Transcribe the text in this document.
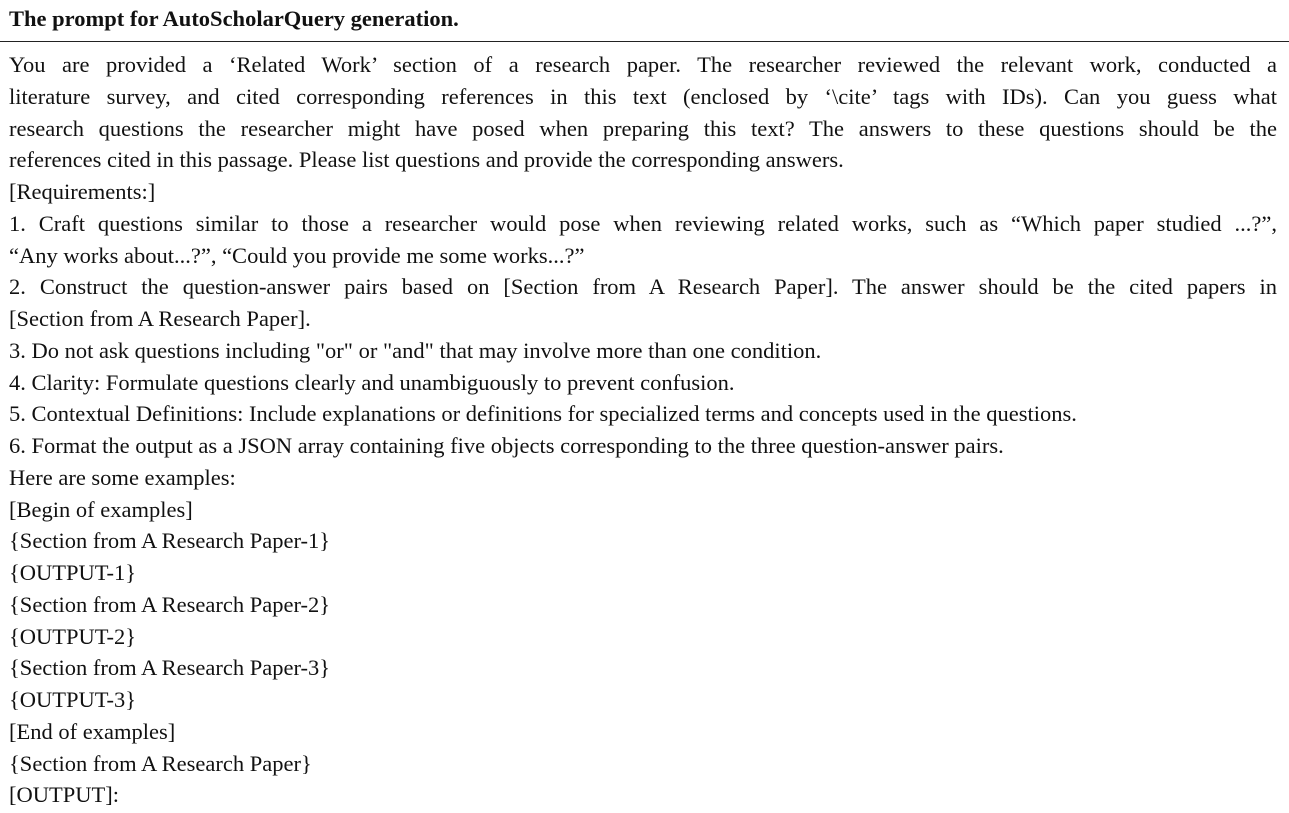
The prompt for AutoScholarQuery generation.
You are provided a ‘Related Work’ section of a research paper. The researcher reviewed the relevant work, conducted a
literature survey, and cited corresponding references in this text (enclosed by ‘\cite’ tags with IDs). Can you guess what
research questions the researcher might have posed when preparing this text? The answers to these questions should be the
references cited in this passage. Please list questions and provide the corresponding answers.
[Requirements:]
1. Craft questions similar to those a researcher would pose when reviewing related works, such as “Which paper studied ...?”,
“Any works about...?”, “Could you provide me some works...?”
2. Construct the question-answer pairs based on [Section from A Research Paper]. The answer should be the cited papers in
[Section from A Research Paper].
3. Do not ask questions including "or" or "and" that may involve more than one condition.
4. Clarity: Formulate questions clearly and unambiguously to prevent confusion.
5. Contextual Definitions: Include explanations or definitions for specialized terms and concepts used in the questions.
6. Format the output as a JSON array containing five objects corresponding to the three question-answer pairs.
Here are some examples:
[Begin of examples]
{Section from A Research Paper-1}
{OUTPUT-1}
{Section from A Research Paper-2}
{OUTPUT-2}
{Section from A Research Paper-3}
{OUTPUT-3}
[End of examples]
{Section from A Research Paper}
[OUTPUT]:
